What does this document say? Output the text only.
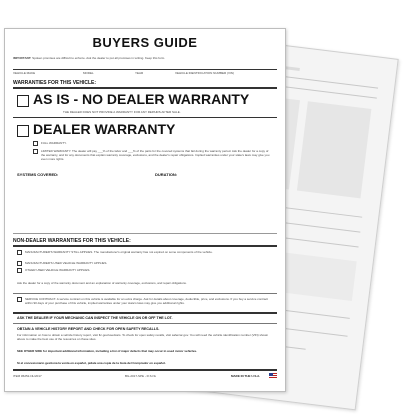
BUYERS GUIDE
IMPORTANT: Spoken promises are difficult to enforce. Ask the dealer to put all promises in writing. Keep this form.
VEHICLE MAKE	MODEL	YEAR	VEHICLE IDENTIFICATION NUMBER (VIN)
WARRANTIES FOR THIS VEHICLE:
AS IS - NO DEALER WARRANTY
THE DEALER DOES NOT PROVIDE A WARRANTY FOR ANY REPAIRS AFTER SALE.
DEALER WARRANTY
FULL WARRANTY.
LIMITED WARRANTY. The dealer will pay ___% of the labor and ___% of the parts for the covered systems that fail during the warranty period. Ask the dealer for a copy of the warranty, and for any documents that explain warranty coverage, exclusions, and the dealer's repair obligations. Implied warranties under your state's laws may give you even more rights.
SYSTEMS COVERED:	DURATION:
NON-DEALER WARRANTIES FOR THIS VEHICLE:
MANUFACTURER'S WARRANTY STILL APPLIES. The manufacturer's original warranty has not expired on some components of the vehicle.
MANUFACTURER'S USED VEHICLE WARRANTY APPLIES.
OTHER USED VEHICLE WARRANTY APPLIES.
Ask the dealer for a copy of the warranty document and an explanation of warranty coverage, exclusions, and repair obligations.
SERVICE CONTRACT. A service contract on this vehicle is available for an extra charge. Ask for details about coverage, deductible, price, and exclusions. If you buy a service contract within 90 days of your purchase of this vehicle, implied warranties under your state's laws may give you additional rights.
ASK THE DEALER IF YOUR MECHANIC CAN INSPECT THE VEHICLE ON OR OFF THE LOT.
OBTAIN A VEHICLE HISTORY REPORT AND CHECK FOR OPEN SAFETY RECALLS.
For information on how to obtain a vehicle history report, visit ftc.gov/usedcars. To check for open safety recalls, visit safercar.gov. You will need the vehicle identification number (VIN) shown above to make the best use of the resources on these sites.
SEE OTHER SIDE for important additional information, including a list of major defects that may occur in used motor vehicles.
Si el concesionario gestiona la venta en español, pídale una copia de la Guía del Comprador en español.
ITEM #6252-NL/2017	BG-2017-SPE - R.S.NL	MADE IN THE U.S.A.
